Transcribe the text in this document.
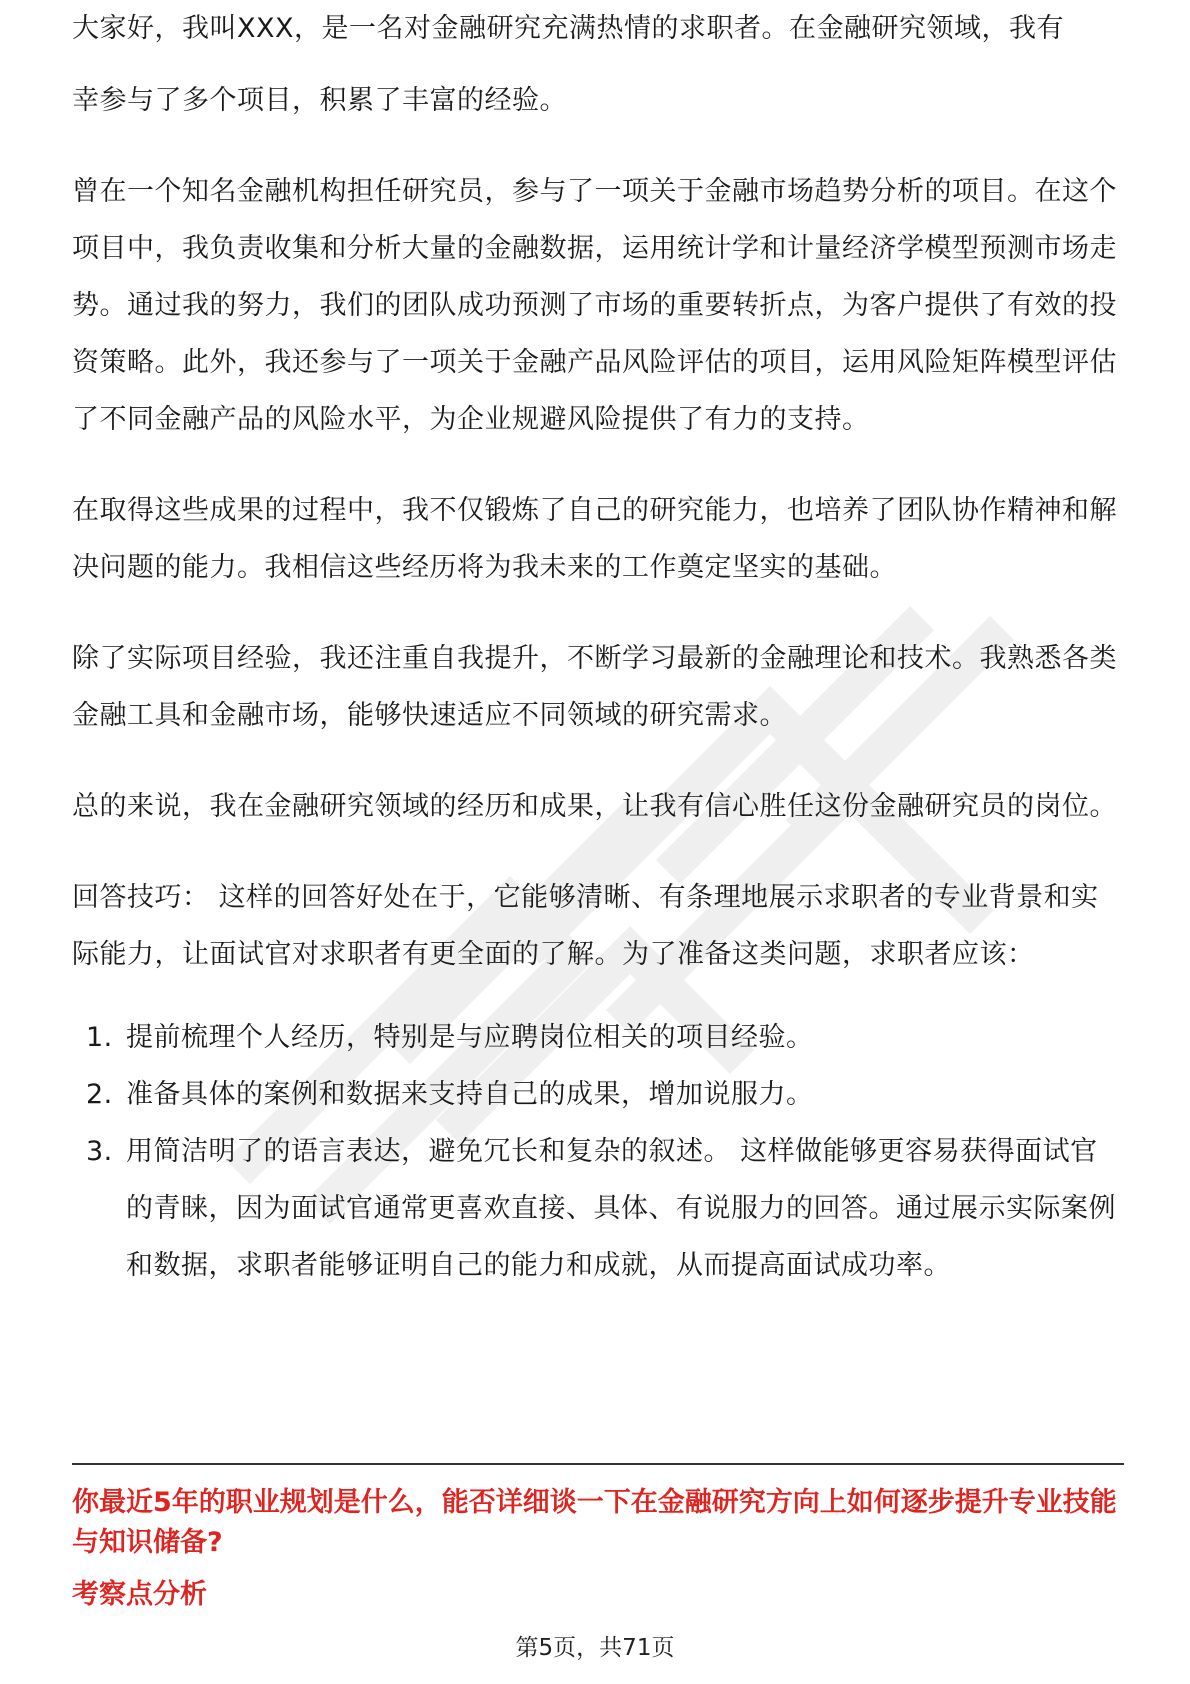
大家好，我叫XXX，是一名对金融研究充满热情的求职者。在金融研究领域，我有

幸参与了多个项目，积累了丰富的经验。

曾在一个知名金融机构担任研究员，参与了一项关于金融市场趋势分析的项目。在这个项目中，我负责收集和分析大量的金融数据，运用统计学和计量经济学模型预测市场走势。通过我的努力，我们的团队成功预测了市场的重要转折点，为客户提供了有效的投资策略。此外，我还参与了一项关于金融产品风险评估的项目，运用风险矩阵模型评估了不同金融产品的风险水平，为企业规避风险提供了有力的支持。

在取得这些成果的过程中，我不仅锻炼了自己的研究能力，也培养了团队协作精神和解决问题的能力。我相信这些经历将为我未来的工作奠定坚实的基础。

除了实际项目经验，我还注重自我提升，不断学习最新的金融理论和技术。我熟悉各类金融工具和金融市场，能够快速适应不同领域的研究需求。

总的来说，我在金融研究领域的经历和成果，让我有信心胜任这份金融研究员的岗位。

回答技巧： 这样的回答好处在于，它能够清晰、有条理地展示求职者的专业背景和实际能力，让面试官对求职者有更全面的了解。为了准备这类问题，求职者应该：

1. 提前梳理个人经历，特别是与应聘岗位相关的项目经验。
2. 准备具体的案例和数据来支持自己的成果，增加说服力。
3. 用简洁明了的语言表达，避免冗长和复杂的叙述。 这样做能够更容易获得面试官的青睐，因为面试官通常更喜欢直接、具体、有说服力的回答。通过展示实际案例和数据，求职者能够证明自己的能力和成就，从而提高面试成功率。
你最近5年的职业规划是什么，能否详细谈一下在金融研究方向上如何逐步提升专业技能与知识储备?
考察点分析
第5页，共71页
